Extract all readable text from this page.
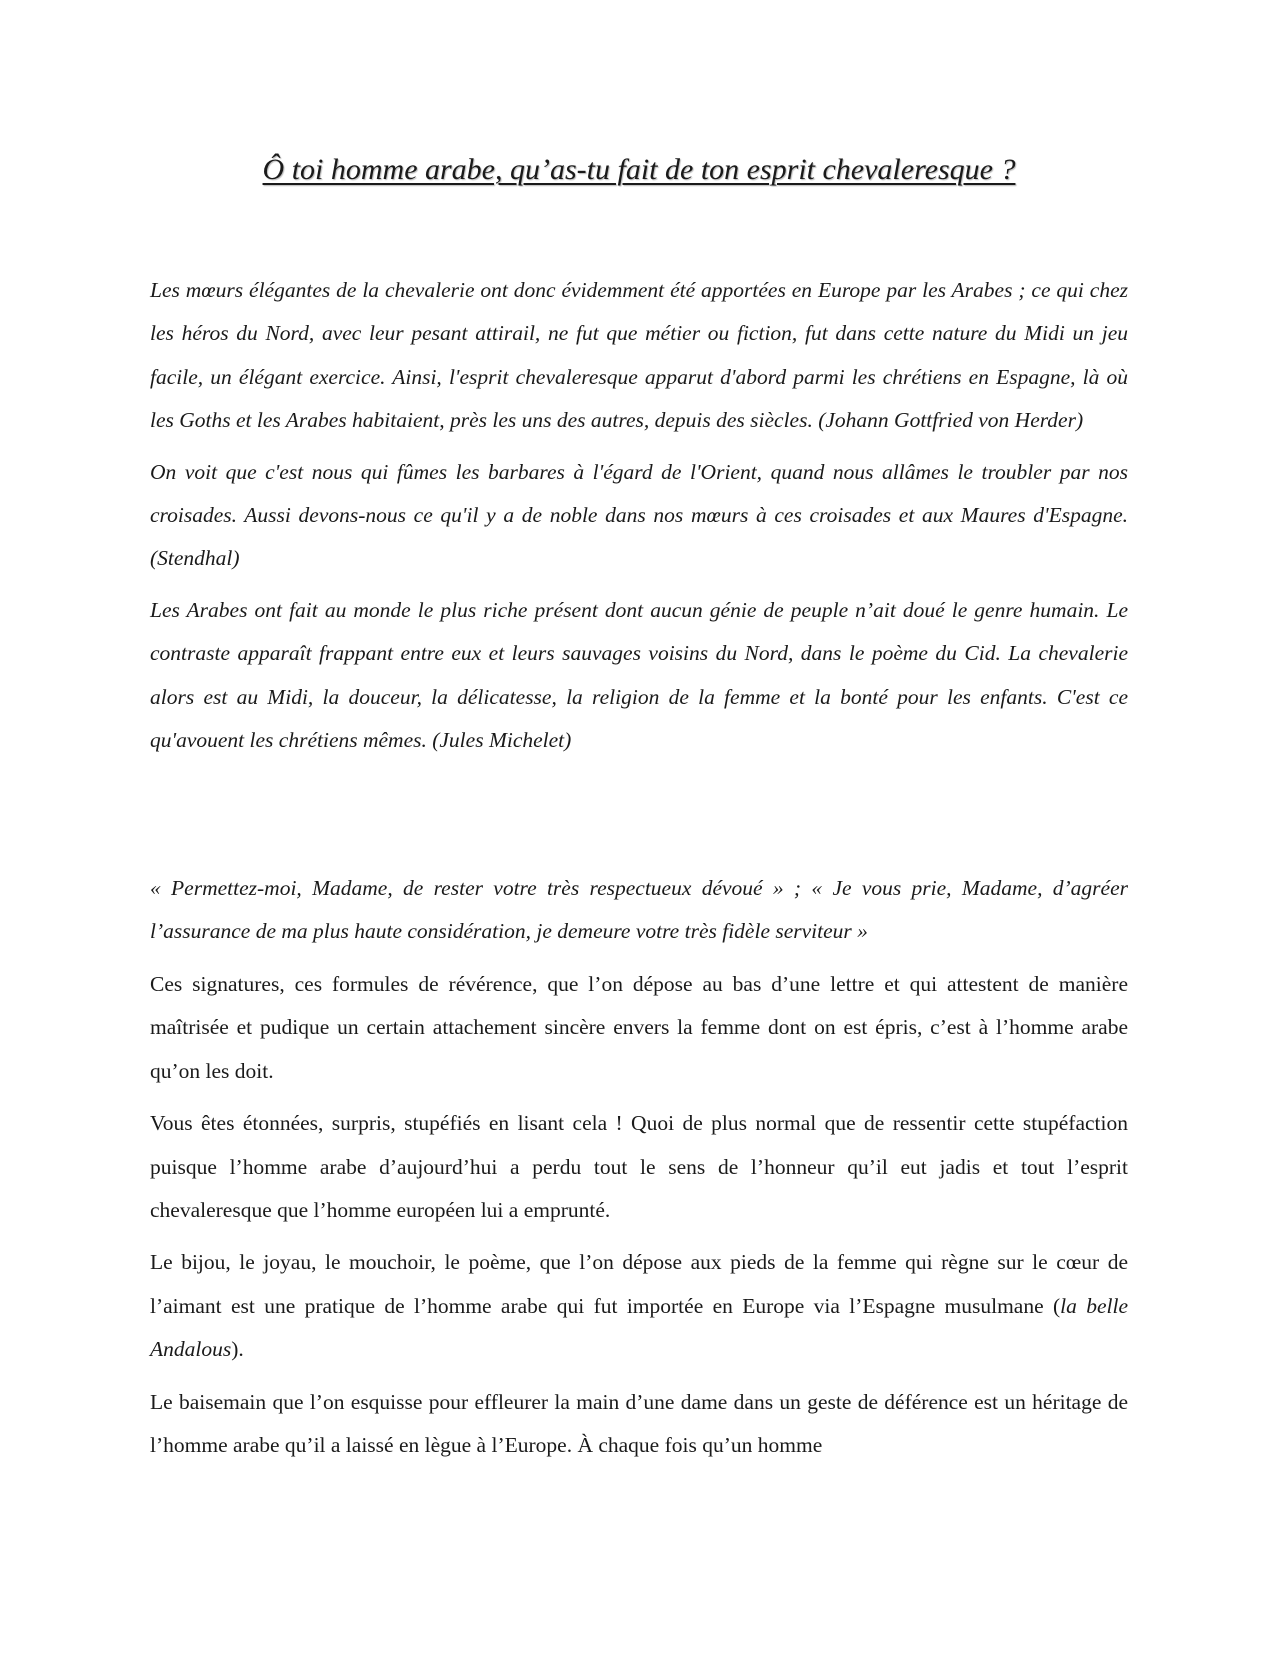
Ô toi homme arabe, qu’as-tu fait de ton esprit chevaleresque ?

Les mœurs élégantes de la chevalerie ont donc évidemment été apportées en Europe par les Arabes ; ce qui chez les héros du Nord, avec leur pesant attirail, ne fut que métier ou fiction, fut dans cette nature du Midi un jeu facile, un élégant exercice. Ainsi, l'esprit chevaleresque apparut d'abord parmi les chrétiens en Espagne, là où les Goths et les Arabes habitaient, près les uns des autres, depuis des siècles. (Johann Gottfried von Herder)

On voit que c'est nous qui fûmes les barbares à l'égard de l'Orient, quand nous allâmes le troubler par nos croisades. Aussi devons-nous ce qu'il y a de noble dans nos mœurs à ces croisades et aux Maures d'Espagne. (Stendhal)

Les Arabes ont fait au monde le plus riche présent dont aucun génie de peuple n’ait doué le genre humain. Le contraste apparaît frappant entre eux et leurs sauvages voisins du Nord, dans le poème du Cid. La chevalerie alors est au Midi, la douceur, la délicatesse, la religion de la femme et la bonté pour les enfants. C'est ce qu'avouent les chrétiens mêmes. (Jules Michelet)

« Permettez-moi, Madame, de rester votre très respectueux dévoué » ; « Je vous prie, Madame, d’agréer l’assurance de ma plus haute considération, je demeure votre très fidèle serviteur »

Ces signatures, ces formules de révérence, que l’on dépose au bas d’une lettre et qui attestent de manière maîtrisée et pudique un certain attachement sincère envers la femme dont on est épris, c’est à l’homme arabe qu’on les doit.

Vous êtes étonnées, surpris, stupéfiés en lisant cela ! Quoi de plus normal que de ressentir cette stupéfaction puisque l’homme arabe d’aujourd’hui a perdu tout le sens de l’honneur qu’il eut jadis et tout l’esprit chevaleresque que l’homme européen lui a emprunté.

Le bijou, le joyau, le mouchoir, le poème, que l’on dépose aux pieds de la femme qui règne sur le cœur de l’aimant est une pratique de l’homme arabe qui fut importée en Europe via l’Espagne musulmane (la belle Andalous).

Le baisemain que l’on esquisse pour effleurer la main d’une dame dans un geste de déférence est un héritage de l’homme arabe qu’il a laissé en lègue à l’Europe. À chaque fois qu’un homme
